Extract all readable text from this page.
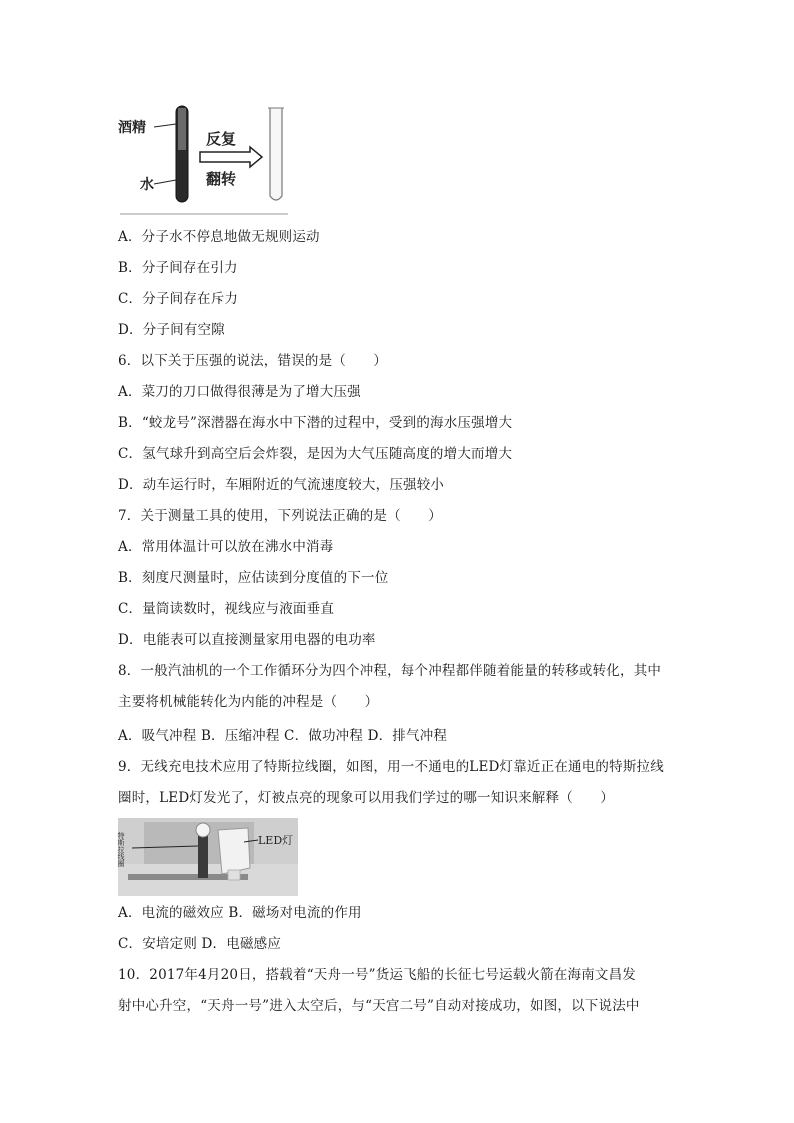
酒精
水
反复
翻转
A．分子水不停息地做无规则运动
B．分子间存在引力
C．分子间存在斥力
D．分子间有空隙
6．以下关于压强的说法，错误的是（　　）
A．菜刀的刀口做得很薄是为了增大压强
B．“蛟龙号”深潜器在海水中下潜的过程中，受到的海水压强增大
C．氢气球升到高空后会炸裂，是因为大气压随高度的增大而增大
D．动车运行时，车厢附近的气流速度较大，压强较小
7．关于测量工具的使用，下列说法正确的是（　　）
A．常用体温计可以放在沸水中消毒
B．刻度尺测量时，应估读到分度值的下一位
C．量筒读数时，视线应与液面垂直
D．电能表可以直接测量家用电器的电功率
8．一般汽油机的一个工作循环分为四个冲程，每个冲程都伴随着能量的转移或转化，其中
主要将机械能转化为内能的冲程是（　　）
A．吸气冲程 B．压缩冲程 C．做功冲程 D．排气冲程
9．无线充电技术应用了特斯拉线圈，如图，用一不通电的LED灯靠近正在通电的特斯拉线
圈时，LED灯发光了，灯被点亮的现象可以用我们学过的哪一知识来解释（　　）
特斯拉线圈	LED灯
A．电流的磁效应 B．磁场对电流的作用
C．安培定则 D．电磁感应
10．2017年4月20日，搭载着“天舟一号”货运飞船的长征七号运载火箭在海南文昌发
射中心升空，“天舟一号”进入太空后，与“天宫二号”自动对接成功，如图，以下说法中
